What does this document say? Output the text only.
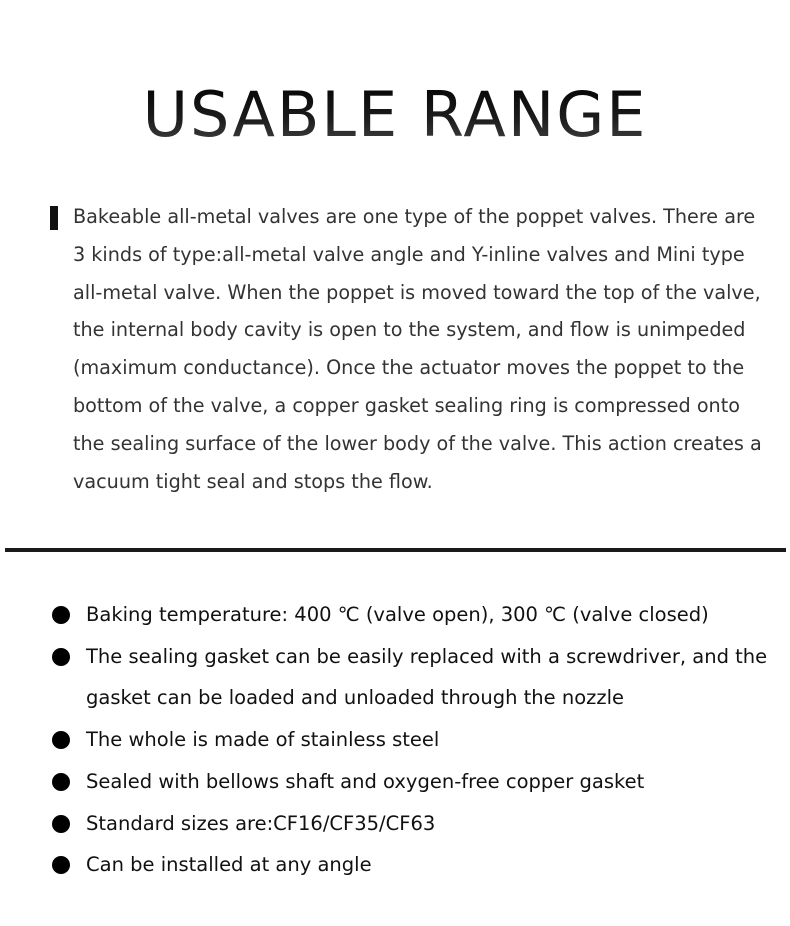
USABLE RANGE

Bakeable all-metal valves are one type of the poppet valves. There are 3 kinds of type:all-metal valve angle and Y-inline valves and Mini type all-metal valve. When the poppet is moved toward the top of the valve, the internal body cavity is open to the system, and flow is unimpeded (maximum conductance). Once the actuator moves the poppet to the bottom of the valve, a copper gasket sealing ring is compressed onto the sealing surface of the lower body of the valve. This action creates a vacuum tight seal and stops the flow.

Baking temperature: 400 ℃ (valve open), 300 ℃ (valve closed)
The sealing gasket can be easily replaced with a screwdriver, and the gasket can be loaded and unloaded through the nozzle
The whole is made of stainless steel
Sealed with bellows shaft and oxygen-free copper gasket
Standard sizes are:CF16/CF35/CF63
Can be installed at any angle
